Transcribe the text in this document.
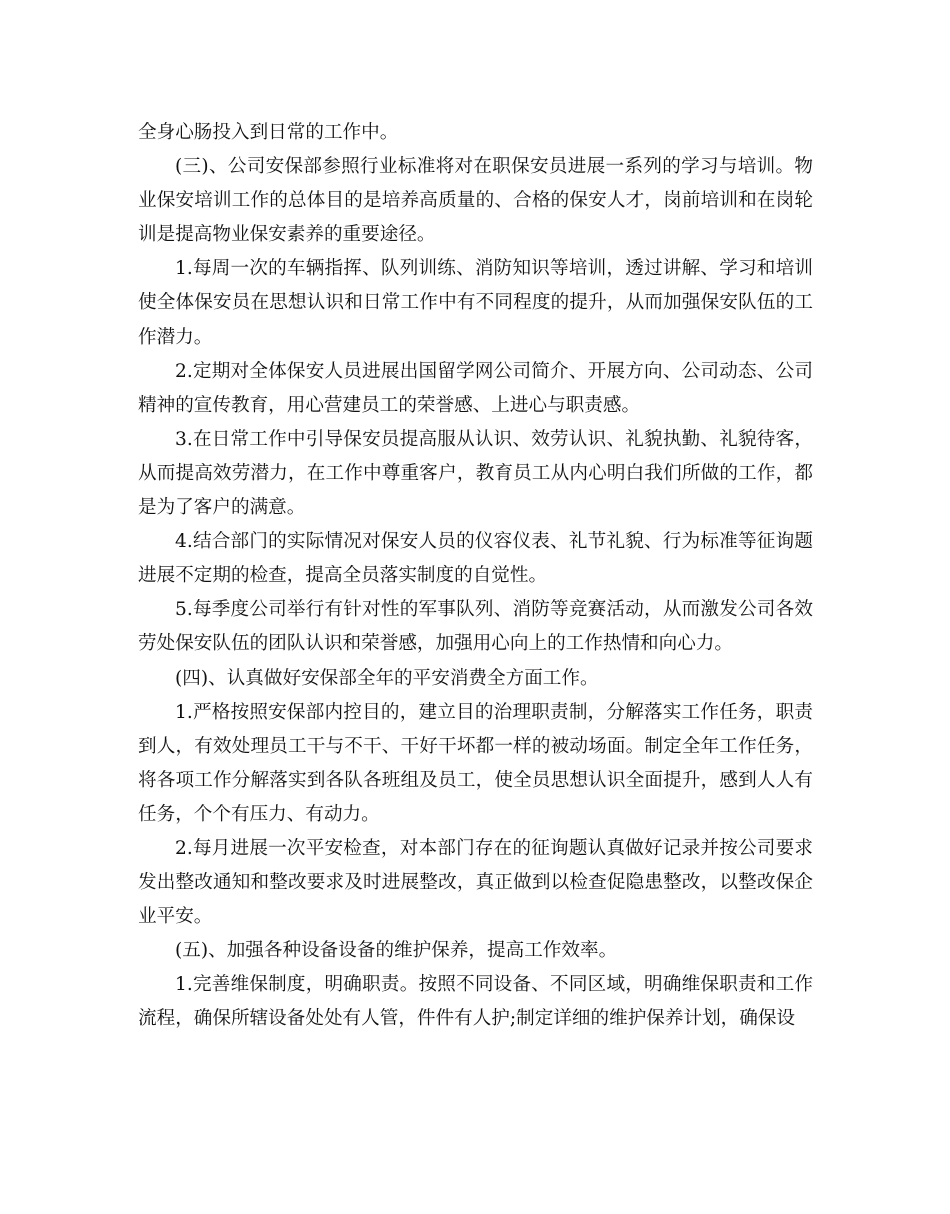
全身心肠投入到日常的工作中。

(三)、公司安保部参照行业标准将对在职保安员进展一系列的学习与培训。物业保安培训工作的总体目的是培养高质量的、合格的保安人才，岗前培训和在岗轮训是提高物业保安素养的重要途径。

1.每周一次的车辆指挥、队列训练、消防知识等培训，透过讲解、学习和培训使全体保安员在思想认识和日常工作中有不同程度的提升，从而加强保安队伍的工作潜力。

2.定期对全体保安人员进展出国留学网公司简介、开展方向、公司动态、公司精神的宣传教育，用心营建员工的荣誉感、上进心与职责感。

3.在日常工作中引导保安员提高服从认识、效劳认识、礼貌执勤、礼貌待客，从而提高效劳潜力，在工作中尊重客户，教育员工从内心明白我们所做的工作，都是为了客户的满意。

4.结合部门的实际情况对保安人员的仪容仪表、礼节礼貌、行为标准等征询题进展不定期的检查，提高全员落实制度的自觉性。

5.每季度公司举行有针对性的军事队列、消防等竞赛活动，从而激发公司各效劳处保安队伍的团队认识和荣誉感，加强用心向上的工作热情和向心力。

(四)、认真做好安保部全年的平安消费全方面工作。

1.严格按照安保部内控目的，建立目的治理职责制，分解落实工作任务，职责到人，有效处理员工干与不干、干好干坏都一样的被动场面。制定全年工作任务，将各项工作分解落实到各队各班组及员工，使全员思想认识全面提升，感到人人有任务，个个有压力、有动力。

2.每月进展一次平安检查，对本部门存在的征询题认真做好记录并按公司要求发出整改通知和整改要求及时进展整改，真正做到以检查促隐患整改，以整改保企业平安。

(五)、加强各种设备设备的维护保养，提高工作效率。

1.完善维保制度，明确职责。按照不同设备、不同区域，明确维保职责和工作流程，确保所辖设备处处有人管，件件有人护;制定详细的维护保养计划，确保设
